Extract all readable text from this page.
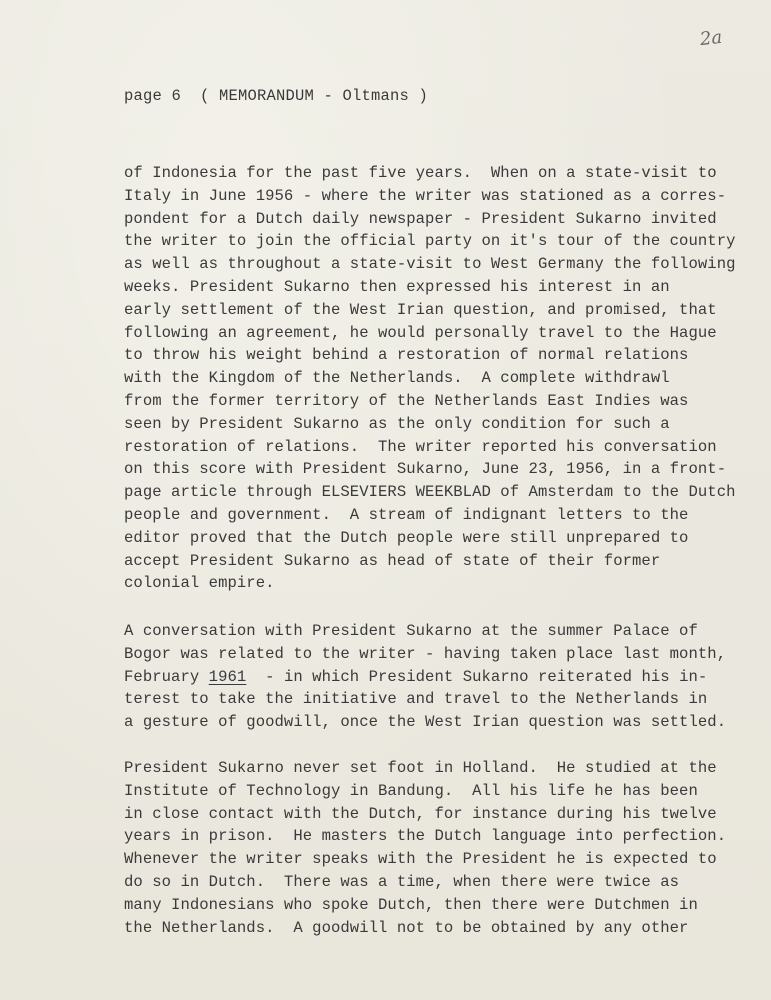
2a
page 6  ( MEMORANDUM - Oltmans )
of Indonesia for the past five years.  When on a state-visit to
Italy in June 1956 - where the writer was stationed as a corres-
pondent for a Dutch daily newspaper - President Sukarno invited
the writer to join the official party on it's tour of the country
as well as throughout a state-visit to West Germany the following
weeks. President Sukarno then expressed his interest in an
early settlement of the West Irian question, and promised, that
following an agreement, he would personally travel to the Hague
to throw his weight behind a restoration of normal relations
with the Kingdom of the Netherlands.  A complete withdrawl
from the former territory of the Netherlands East Indies was
seen by President Sukarno as the only condition for such a
restoration of relations.  The writer reported his conversation
on this score with President Sukarno, June 23, 1956, in a front-
page article through ELSEVIERS WEEKBLAD of Amsterdam to the Dutch
people and government.  A stream of indignant letters to the
editor proved that the Dutch people were still unprepared to
accept President Sukarno as head of state of their former
colonial empire.
A conversation with President Sukarno at the summer Palace of
Bogor was related to the writer - having taken place last month,
February 1961  - in which President Sukarno reiterated his in-
terest to take the initiative and travel to the Netherlands in
a gesture of goodwill, once the West Irian question was settled.
President Sukarno never set foot in Holland.  He studied at the
Institute of Technology in Bandung.  All his life he has been
in close contact with the Dutch, for instance during his twelve
years in prison.  He masters the Dutch language into perfection.
Whenever the writer speaks with the President he is expected to
do so in Dutch.  There was a time, when there were twice as
many Indonesians who spoke Dutch, then there were Dutchmen in
the Netherlands.  A goodwill not to be obtained by any other
